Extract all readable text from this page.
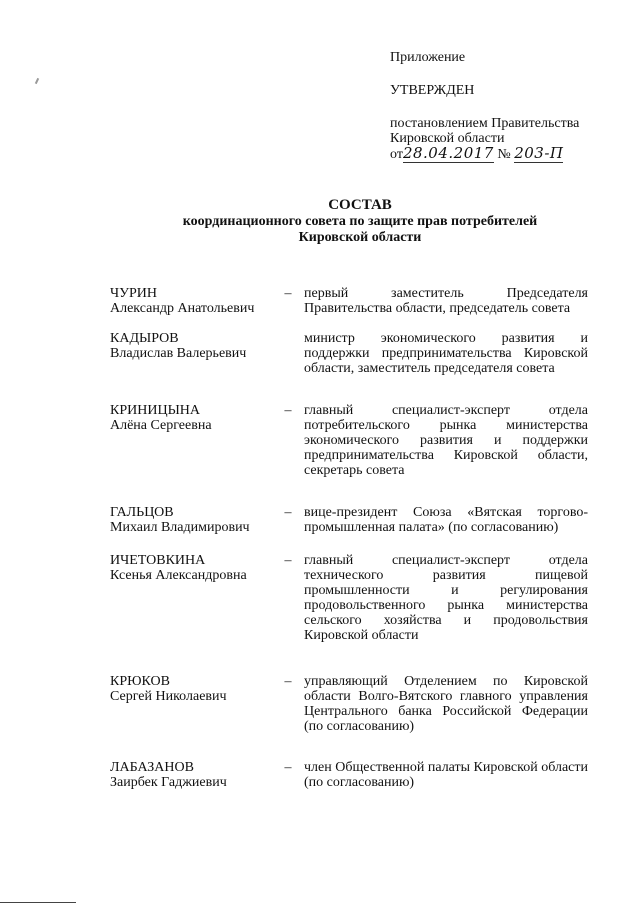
Приложение
УТВЕРЖДЕН
постановлением Правительства
Кировской области
от28.04.2017 № 203-П
СОСТАВ
координационного совета по защите прав потребителей
Кировской области
ЧУРИН
Александр Анатольевич
– первый заместитель Председателя Правительства области, председатель совета
КАДЫРОВ
Владислав Валерьевич
министр экономического развития и поддержки предпринимательства Кировской области, заместитель председателя совета
КРИНИЦЫНА
Алёна Сергеевна
– главный специалист-эксперт отдела потребительского рынка министерства экономического развития и поддержки предпринимательства Кировской области, секретарь совета
ГАЛЬЦОВ
Михаил Владимирович
– вице-президент Союза «Вятская торгово-промышленная палата» (по согласованию)
ИЧЕТОВКИНА
Ксенья Александровна
– главный специалист-эксперт отдела технического развития пищевой промышленности и регулирования продовольственного рынка министерства сельского хозяйства и продовольствия Кировской области
КРЮКОВ
Сергей Николаевич
– управляющий Отделением по Кировской области Волго-Вятского главного управления Центрального банка Российской Федерации (по согласованию)
ЛАБАЗАНОВ
Заирбек Гаджиевич
– член Общественной палаты Кировской области (по согласованию)
